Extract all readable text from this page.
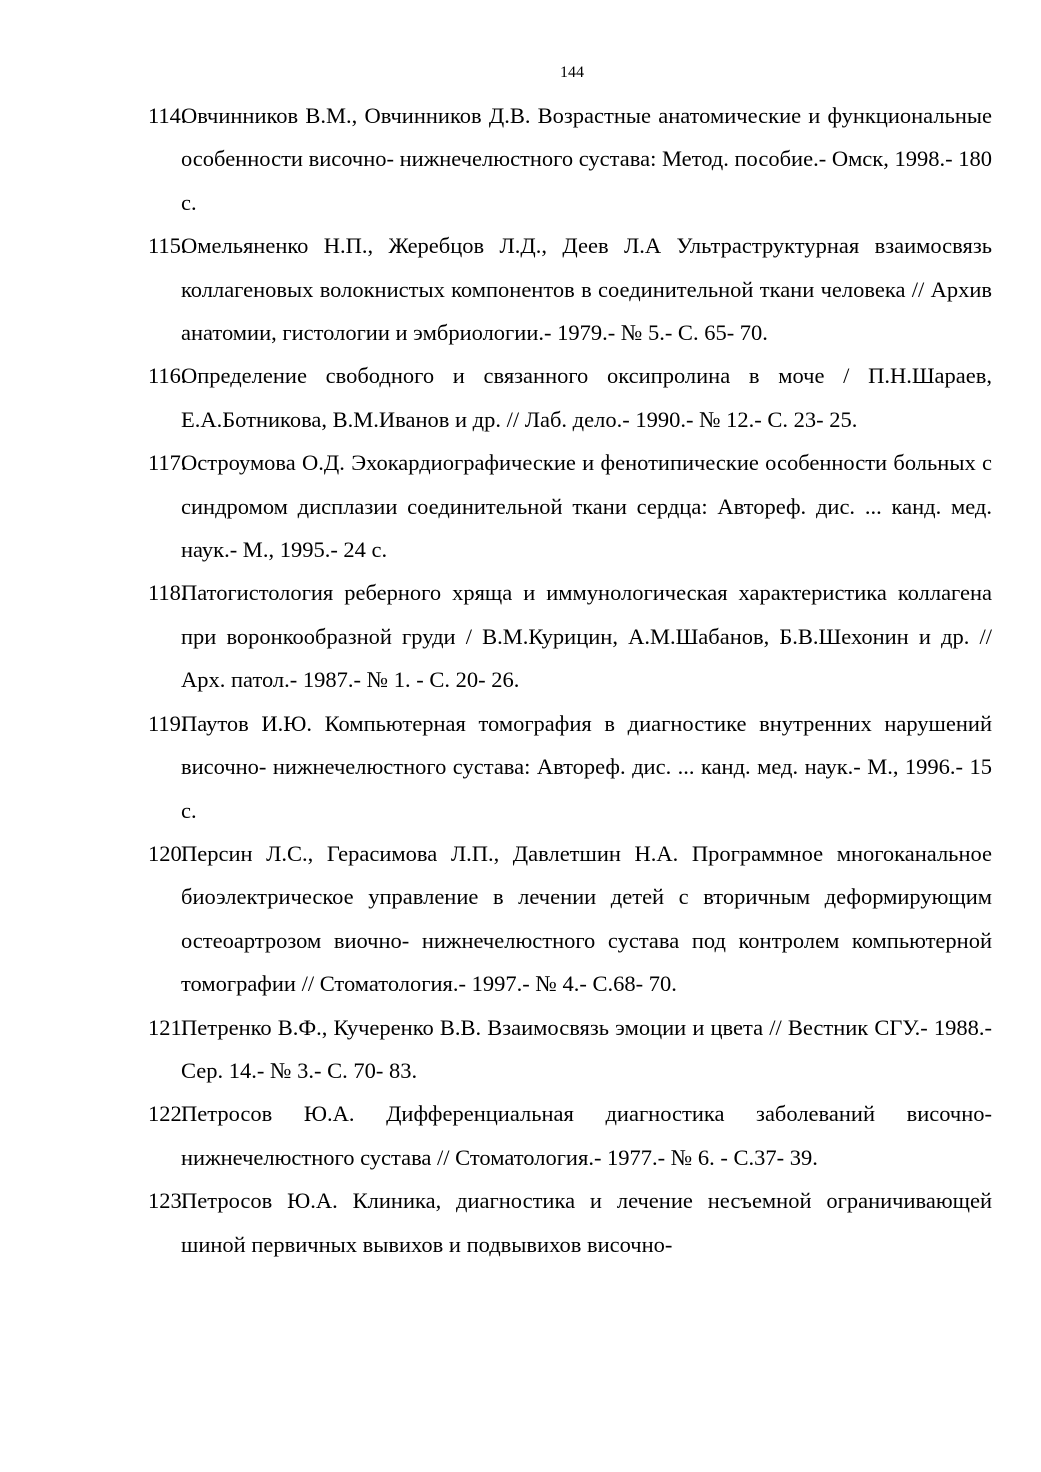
144

114.
Овчинников В.М., Овчинников Д.В. Возрастные анатомические и функциональные особенности височно- нижнечелюстного сустава: Метод. пособие.- Омск, 1998.- 180 с.

115.
Омельяненко Н.П., Жеребцов Л.Д., Деев Л.А Ультраструктурная взаимосвязь коллагеновых волокнистых компонентов в соединительной ткани человека // Архив анатомии, гистологии и эмбриологии.- 1979.- № 5.- С. 65- 70.

116.
Определение свободного и связанного оксипролина в моче / П.Н.Шараев, Е.А.Ботникова, В.М.Иванов и др. // Лаб. дело.- 1990.- № 12.- С. 23- 25.

117.
Остроумова О.Д. Эхокардиографические и фенотипические особенности больных с синдромом дисплазии соединительной ткани сердца: Автореф. дис. ... канд. мед. наук.- М., 1995.- 24 с.

118.
Патогистология реберного хряща и иммунологическая характеристика коллагена при воронкообразной груди / В.М.Курицин, А.М.Шабанов, Б.В.Шехонин и др. // Арх. патол.- 1987.- № 1. - С. 20- 26.

119.
Паутов И.Ю. Компьютерная томография в диагностике внутренних нарушений височно- нижнечелюстного сустава: Автореф. дис. ... канд. мед. наук.- М., 1996.- 15 с.

120.
Персин Л.С., Герасимова Л.П., Давлетшин Н.А. Программное многоканальное биоэлектрическое управление в лечении детей с вторичным деформирующим остеоартрозом виочно- нижнечелюстного сустава под контролем компьютерной томографии // Стоматология.- 1997.- № 4.- С.68- 70.

121.
Петренко В.Ф., Кучеренко В.В. Взаимосвязь эмоции и цвета // Вестник СГУ.- 1988.-Сер. 14.- № 3.- С. 70- 83.

122.
Петросов Ю.А. Дифференциальная диагностика заболеваний височно- нижнечелюстного сустава // Стоматология.- 1977.- № 6. - С.37- 39.

123.
Петросов Ю.А. Клиника, диагностика и лечение несъемной ограничивающей шиной первичных вывихов и подвывихов височно-
